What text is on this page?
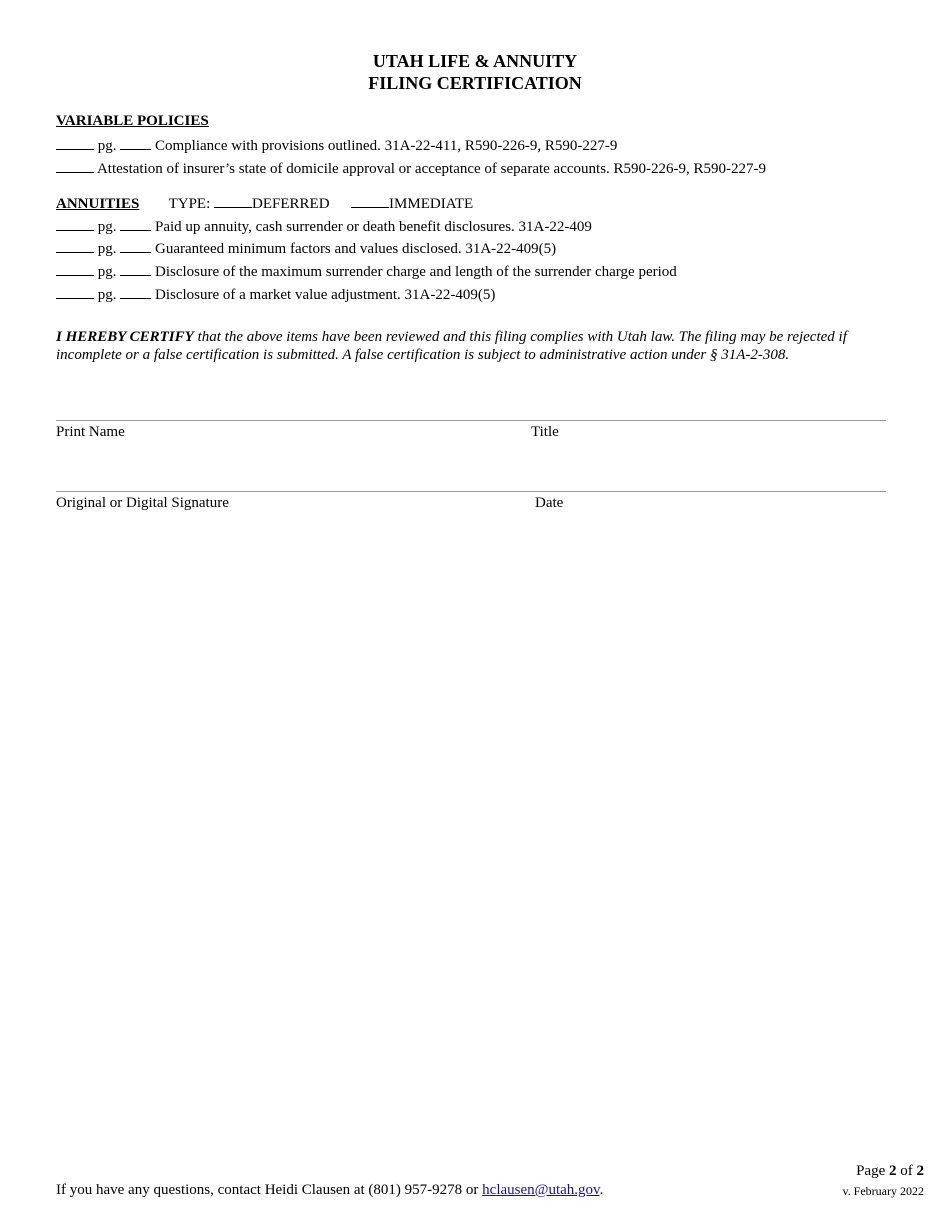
UTAH LIFE & ANNUITY
FILING CERTIFICATION
VARIABLE POLICIES
pg.	Compliance with provisions outlined. 31A-22-411, R590-226-9, R590-227-9
Attestation of insurer’s state of domicile approval or acceptance of separate accounts. R590-226-9, R590-227-9
ANNUITIES TYPE:	DEFERRED	IMMEDIATE
pg.	Paid up annuity, cash surrender or death benefit disclosures. 31A-22-409
pg.	Guaranteed minimum factors and values disclosed. 31A-22-409(5)
pg.	Disclosure of the maximum surrender charge and length of the surrender charge period
pg.	Disclosure of a market value adjustment. 31A-22-409(5)
I HEREBY CERTIFY that the above items have been reviewed and this filing complies with Utah law. The filing may be rejected if incomplete or a false certification is submitted. A false certification is subject to administrative action under § 31A-2-308.
Print Name	Title
Original or Digital Signature	Date
If you have any questions, contact Heidi Clausen at (801) 957-9278 or hclausen@utah.gov.
Page 2 of 2
v. February 2022
